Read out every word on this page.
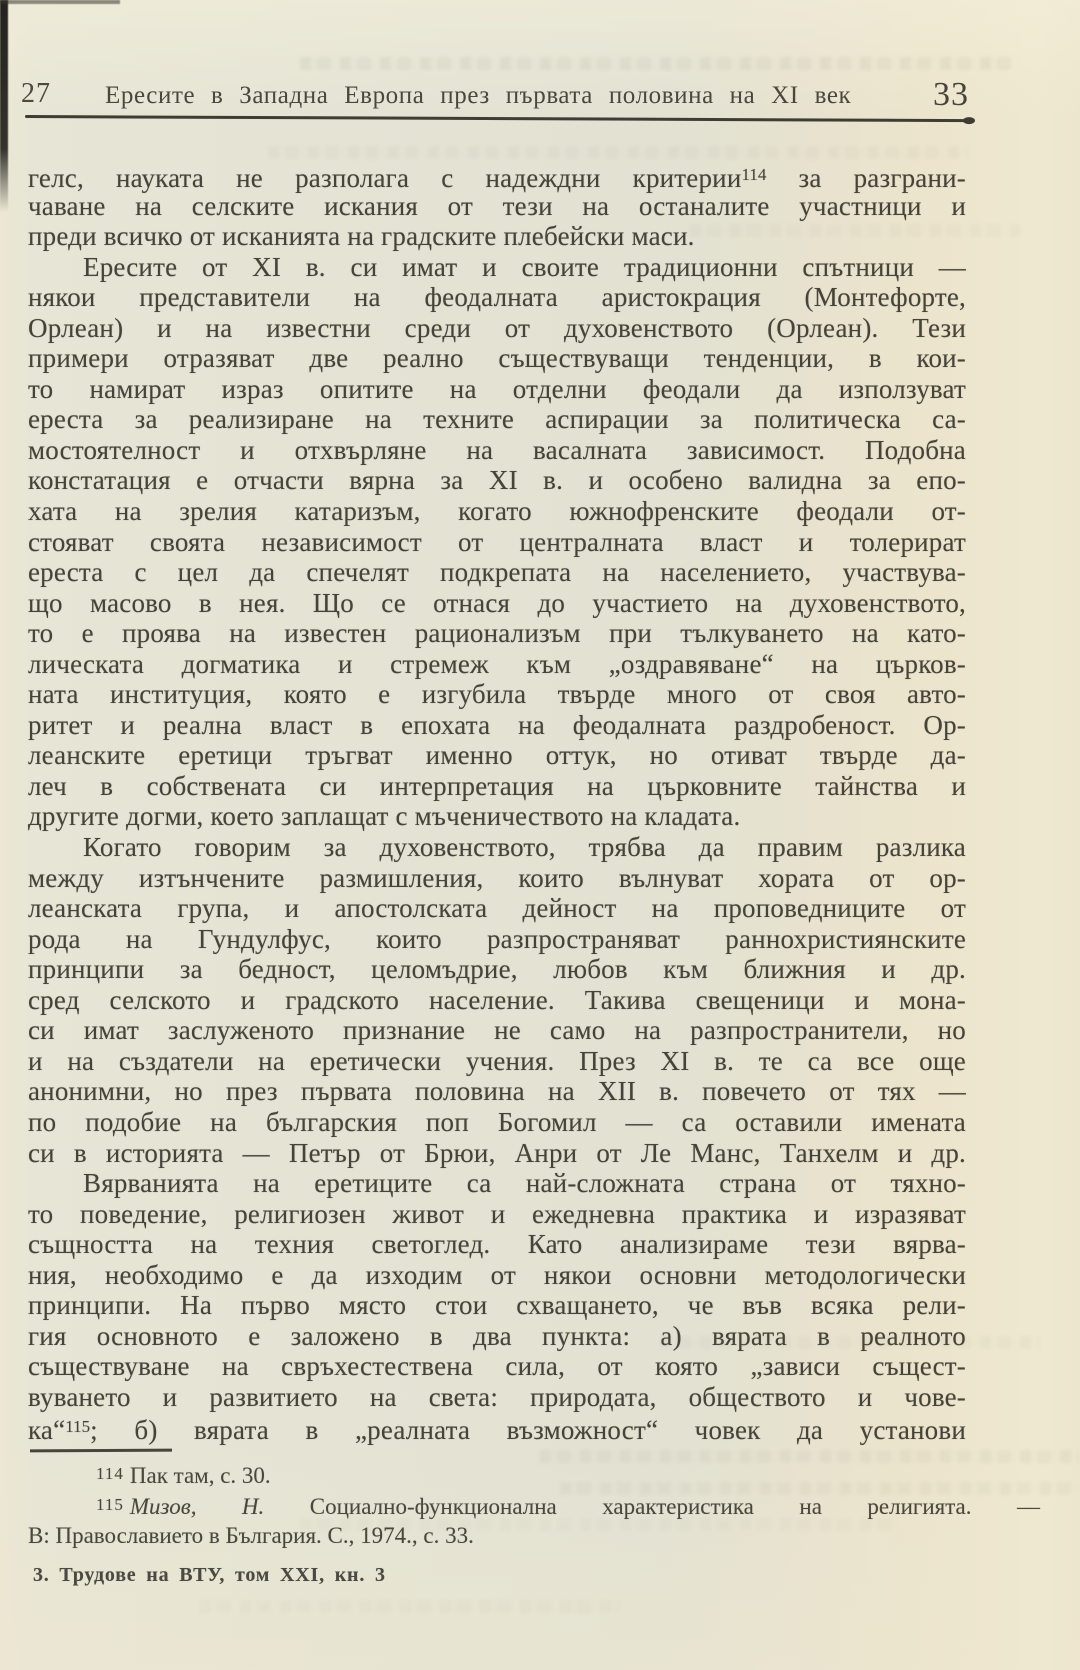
27 Ересите в Западна Европа през първата половина на XI век 33
гелс, науката не разполага с надеждни критерии$^{114}$ за разграни-
чаване на селските искания от тези на останалите участници и
преди всичко от исканията на градските плебейски маси.
Ересите от XI в. си имат и своите традиционни спътници —
някои представители на феодалната аристокрация (Монтефорте,
Орлеан) и на известни среди от духовенството (Орлеан). Тези
примери отразяват две реално съществуващи тенденции, в кои-
то намират израз опитите на отделни феодали да използуват
ереста за реализиране на техните аспирации за политическа са-
мостоятелност и отхвърляне на васалната зависимост. Подобна
констатация е отчасти вярна за XI в. и особено валидна за епо-
хата на зрелия катаризъм, когато южнофренските феодали от-
стояват своята независимост от централната власт и толерират
ереста с цел да спечелят подкрепата на населението, участвува-
що масово в нея. Що се отнася до участието на духовенството,
то е проява на известен рационализъм при тълкуването на като-
лическата догматика и стремеж към „оздравяване“ на църков-
ната институция, която е изгубила твърде много от своя авто-
ритет и реална власт в епохата на феодалната раздробеност. Ор-
леанските еретици тръгват именно оттук, но отиват твърде да-
леч в собствената си интерпретация на църковните тайнства и
другите догми, което заплащат с мъченичеството на кладата.
Когато говорим за духовенството, трябва да правим разлика
между изтънчените размишления, които вълнуват хората от ор-
леанската група, и апостолската дейност на проповедниците от
рода на Гундулфус, които разпространяват раннохристиянските
принципи за бедност, целомъдрие, любов към ближния и др.
сред селското и градското население. Такива свещеници и мона-
си имат заслуженото признание не само на разпространители, но
и на създатели на еретически учения. През XI в. те са все още
анонимни, но през първата половина на XII в. повечето от тях —
по подобие на българския поп Богомил — са оставили имената
си в историята — Петър от Брюи, Анри от Ле Манс, Танхелм и др.
Вярванията на еретиците са най-сложната страна от тяхно-
то поведение, религиозен живот и ежедневна практика и изразяват
същността на техния светоглед. Като анализираме тези вярва-
ния, необходимо е да изходим от някои основни методологически
принципи. На първо място стои схващането, че във всяка рели-
гия основното е заложено в два пункта: а) вярата в реалното
съществуване на свръхестествена сила, от която „зависи същест-
вуването и развитието на света: природата, обществото и чове-
ка“$^{115}$; б) вярата в „реалната възможност“ човек да установи
114 Пак там, с. 30.
115 Мизов, Н. Социално-функционална характеристика на религията. —
В: Православието в България. С., 1974., с. 33.
3. Трудове на ВТУ, том XXI, кн. 3
